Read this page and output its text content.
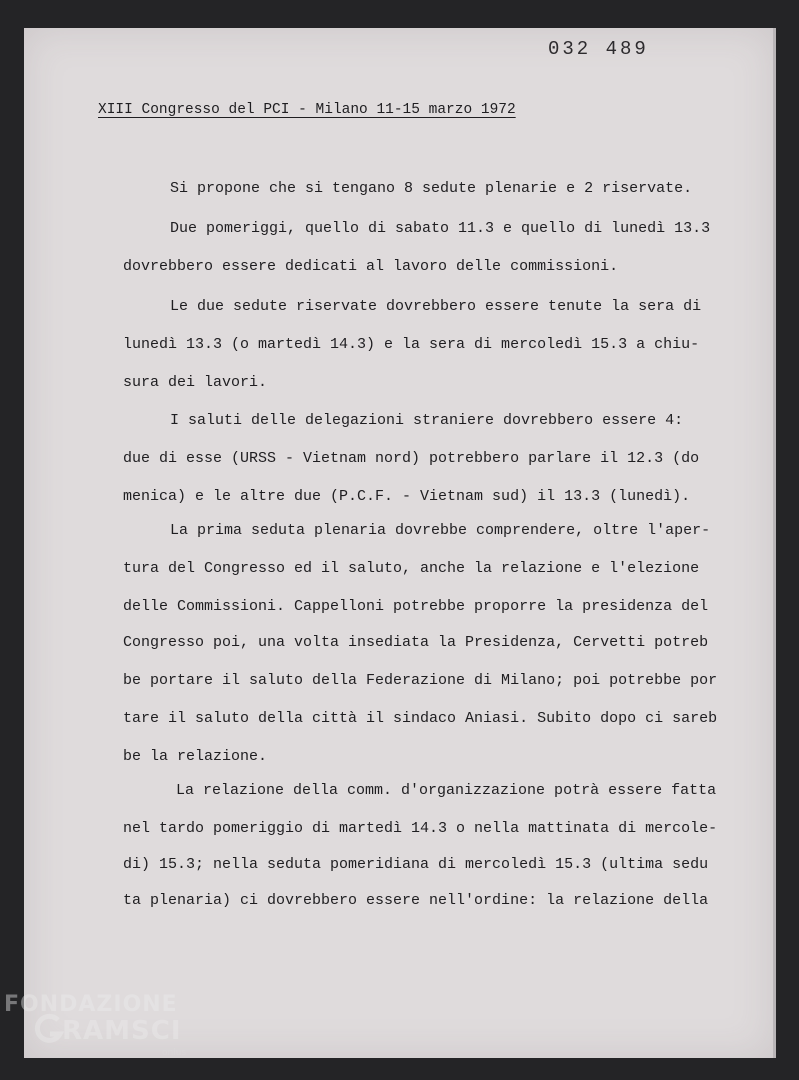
032 489
XIII Congresso del PCI - Milano 11-15 marzo 1972
Si propone che si tengano 8 sedute plenarie e 2 riservate.
Due pomeriggi, quello di sabato 11.3 e quello di lunedì 13.3
dovrebbero essere dedicati al lavoro delle commissioni.
Le due sedute riservate dovrebbero essere tenute la sera di
lunedì 13.3 (o martedì 14.3) e la sera di mercoledì 15.3 a chiu-
sura dei lavori.
I saluti delle delegazioni straniere dovrebbero essere 4:
due di esse (URSS - Vietnam nord) potrebbero parlare il 12.3 (do
menica) e le altre due (P.C.F. - Vietnam sud) il 13.3 (lunedì).
La prima seduta plenaria dovrebbe comprendere, oltre l'aper-
tura del Congresso ed il saluto, anche la relazione e l'elezione
delle Commissioni. Cappelloni potrebbe proporre la presidenza del
Congresso poi, una volta insediata la Presidenza, Cervetti potreb
be portare il saluto della Federazione di Milano; poi potrebbe por
tare il saluto della città il sindaco Aniasi. Subito dopo ci sareb
be la relazione.
La relazione della comm. d'organizzazione potrà essere fatta
nel tardo pomeriggio di martedì 14.3 o nella mattinata di mercole-
di) 15.3; nella seduta pomeridiana di mercoledì 15.3 (ultima sedu
ta plenaria) ci dovrebbero essere nell'ordine: la relazione della
FONDAZIONE
RAMSCI
onlus
